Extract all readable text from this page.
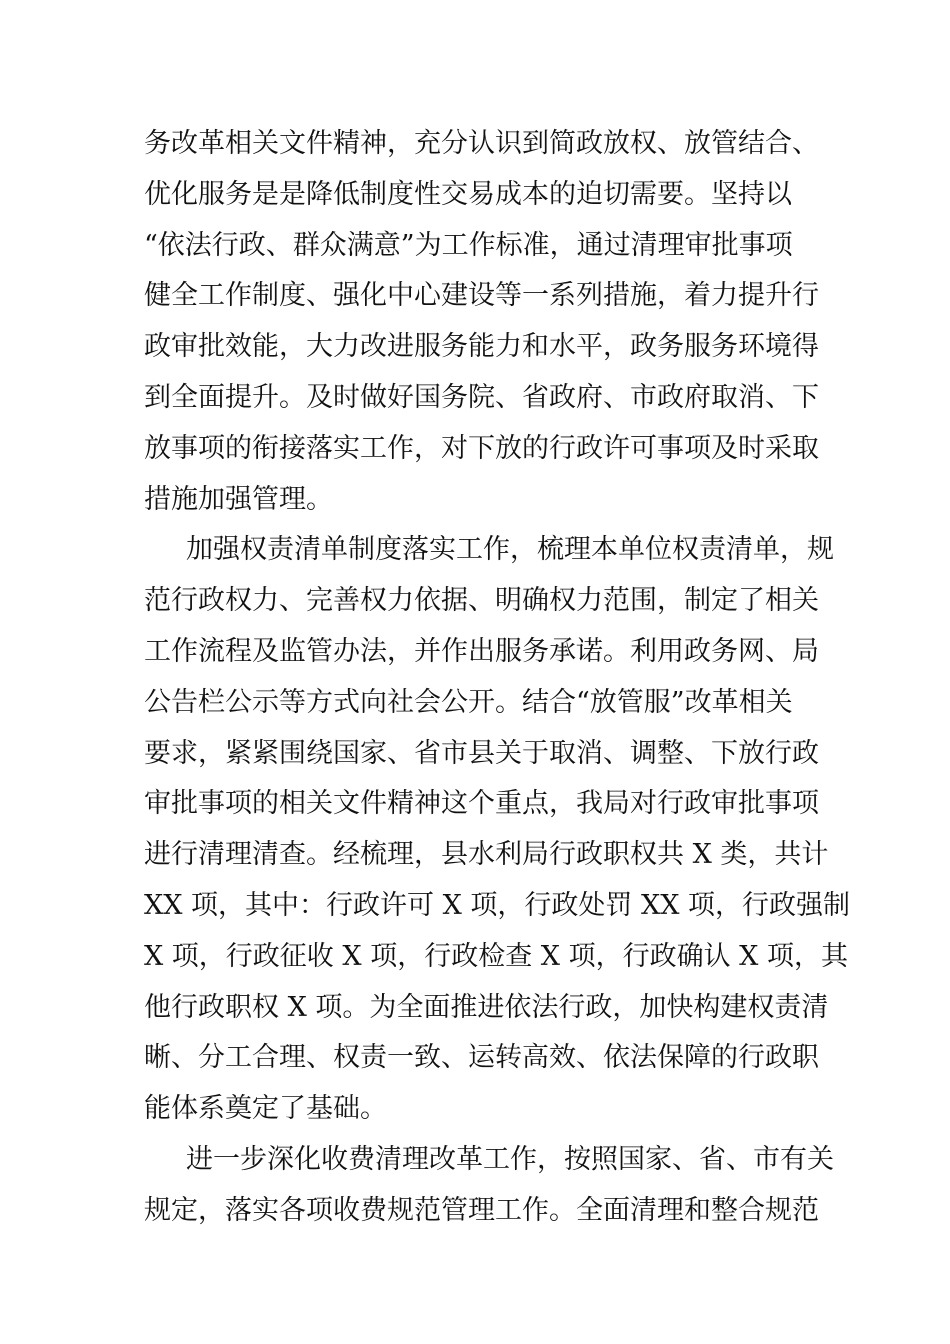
务改革相关文件精神，充分认识到简政放权、放管结合、
优化服务是是降低制度性交易成本的迫切需要。坚持以
“依法行政、群众满意”为工作标准，通过清理审批事项
健全工作制度、强化中心建设等一系列措施，着力提升行
政审批效能，大力改进服务能力和水平，政务服务环境得
到全面提升。及时做好国务院、省政府、市政府取消、下
放事项的衔接落实工作，对下放的行政许可事项及时采取
措施加强管理。
加强权责清单制度落实工作，梳理本单位权责清单，规
范行政权力、完善权力依据、明确权力范围，制定了相关
工作流程及监管办法，并作出服务承诺。利用政务网、局
公告栏公示等方式向社会公开。结合“放管服”改革相关
要求，紧紧围绕国家、省市县关于取消、调整、下放行政
审批事项的相关文件精神这个重点，我局对行政审批事项
进行清理清查。经梳理，县水利局行政职权共 X 类，共计
XX 项，其中：行政许可 X 项，行政处罚 XX 项，行政强制
X 项，行政征收 X 项，行政检查 X 项，行政确认 X 项，其
他行政职权 X 项。为全面推进依法行政，加快构建权责清
晰、分工合理、权责一致、运转高效、依法保障的行政职
能体系奠定了基础。
进一步深化收费清理改革工作，按照国家、省、市有关
规定，落实各项收费规范管理工作。全面清理和整合规范
